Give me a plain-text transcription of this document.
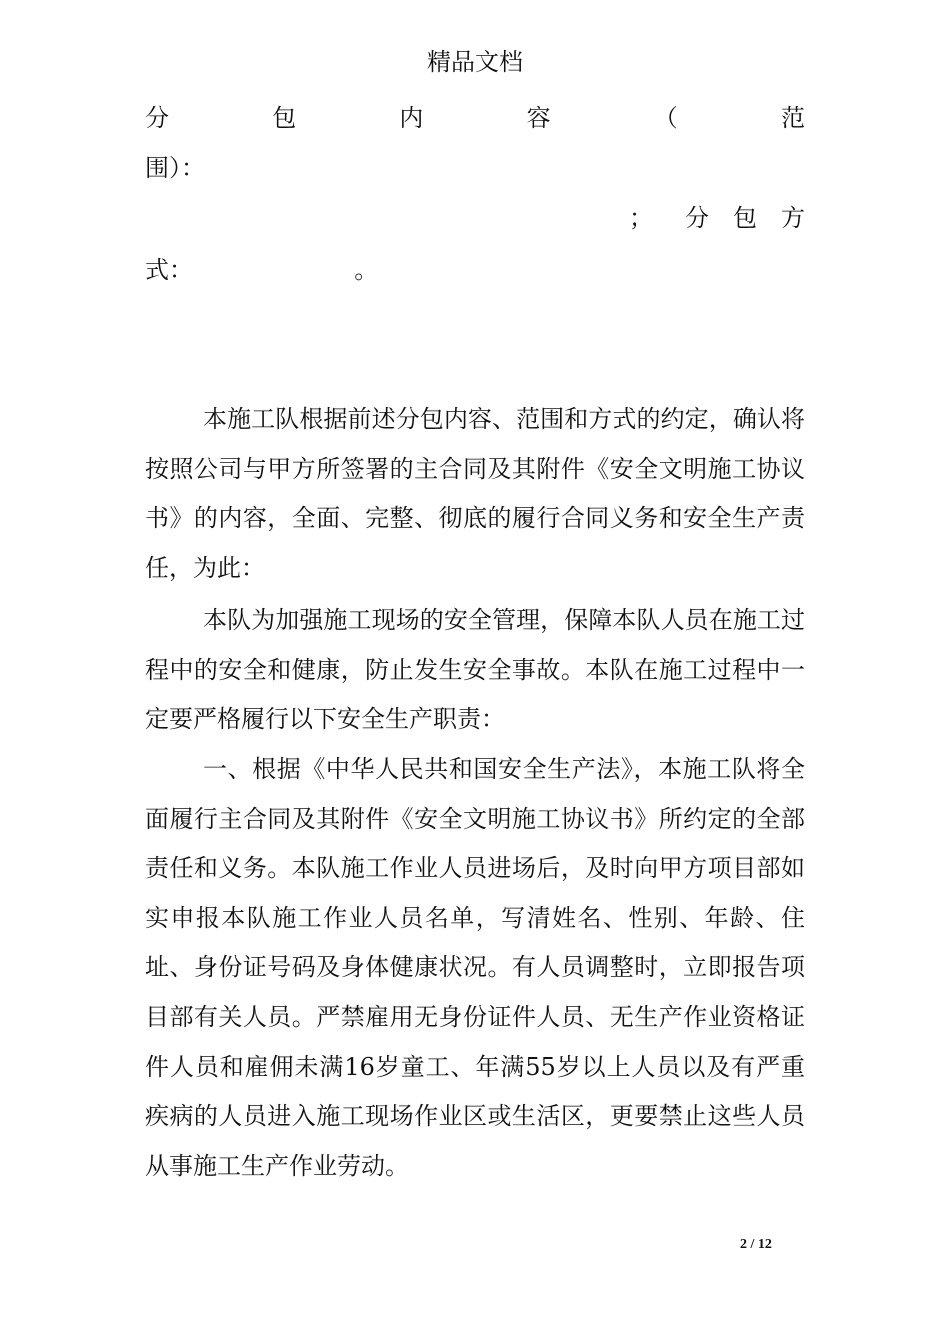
精品文档
分	包	内	容	（	范
围）：
； 分 包 方
式：	。
本施工队根据前述分包内容、范围和方式的约定，确认将按照公司与甲方所签署的主合同及其附件《安全文明施工协议书》的内容，全面、完整、彻底的履行合同义务和安全生产责任，为此：
本队为加强施工现场的安全管理，保障本队人员在施工过程中的安全和健康，防止发生安全事故。本队在施工过程中一定要严格履行以下安全生产职责：
一、根据《中华人民共和国安全生产法》，本施工队将全面履行主合同及其附件《安全文明施工协议书》所约定的全部责任和义务。本队施工作业人员进场后，及时向甲方项目部如实申报本队施工作业人员名单，写清姓名、性别、年龄、住址、身份证号码及身体健康状况。有人员调整时，立即报告项目部有关人员。严禁雇用无身份证件人员、无生产作业资格证件人员和雇佣未满16岁童工、年满55岁以上人员以及有严重疾病的人员进入施工现场作业区或生活区，更要禁止这些人员从事施工生产作业劳动。
2 / 12
